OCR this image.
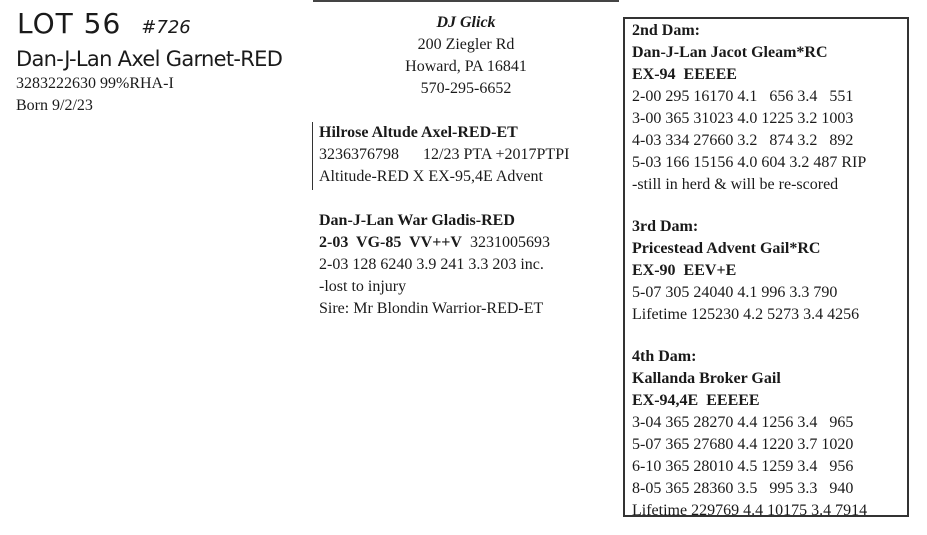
LOT 56 #726
Dan-J-Lan Axel Garnet-RED
3283222630 99%RHA-I
Born 9/2/23
DJ Glick
200 Ziegler Rd
Howard, PA 16841
570-295-6652
Hilrose Altude Axel-RED-ET
3236376798      12/23 PTA +2017PTPI
Altitude-RED X EX-95,4E Advent
Dan-J-Lan War Gladis-RED
2-03  VG-85  VV++V  3231005693
2-03 128 6240 3.9 241 3.3 203 inc.
-lost to injury
Sire: Mr Blondin Warrior-RED-ET
2nd Dam:
Dan-J-Lan Jacot Gleam*RC
EX-94  EEEEE
2-00 295 16170 4.1   656 3.4   551
3-00 365 31023 4.0 1225 3.2 1003
4-03 334 27660 3.2   874 3.2   892
5-03 166 15156 4.0 604 3.2 487 RIP
-still in herd & will be re-scored
3rd Dam:
Pricestead Advent Gail*RC
EX-90  EEV+E
5-07 305 24040 4.1 996 3.3 790
Lifetime 125230 4.2 5273 3.4 4256
4th Dam:
Kallanda Broker Gail
EX-94,4E  EEEEE
3-04 365 28270 4.4 1256 3.4   965
5-07 365 27680 4.4 1220 3.7 1020
6-10 365 28010 4.5 1259 3.4   956
8-05 365 28360 3.5   995 3.3   940
Lifetime 229769 4.4 10175 3.4 7914
